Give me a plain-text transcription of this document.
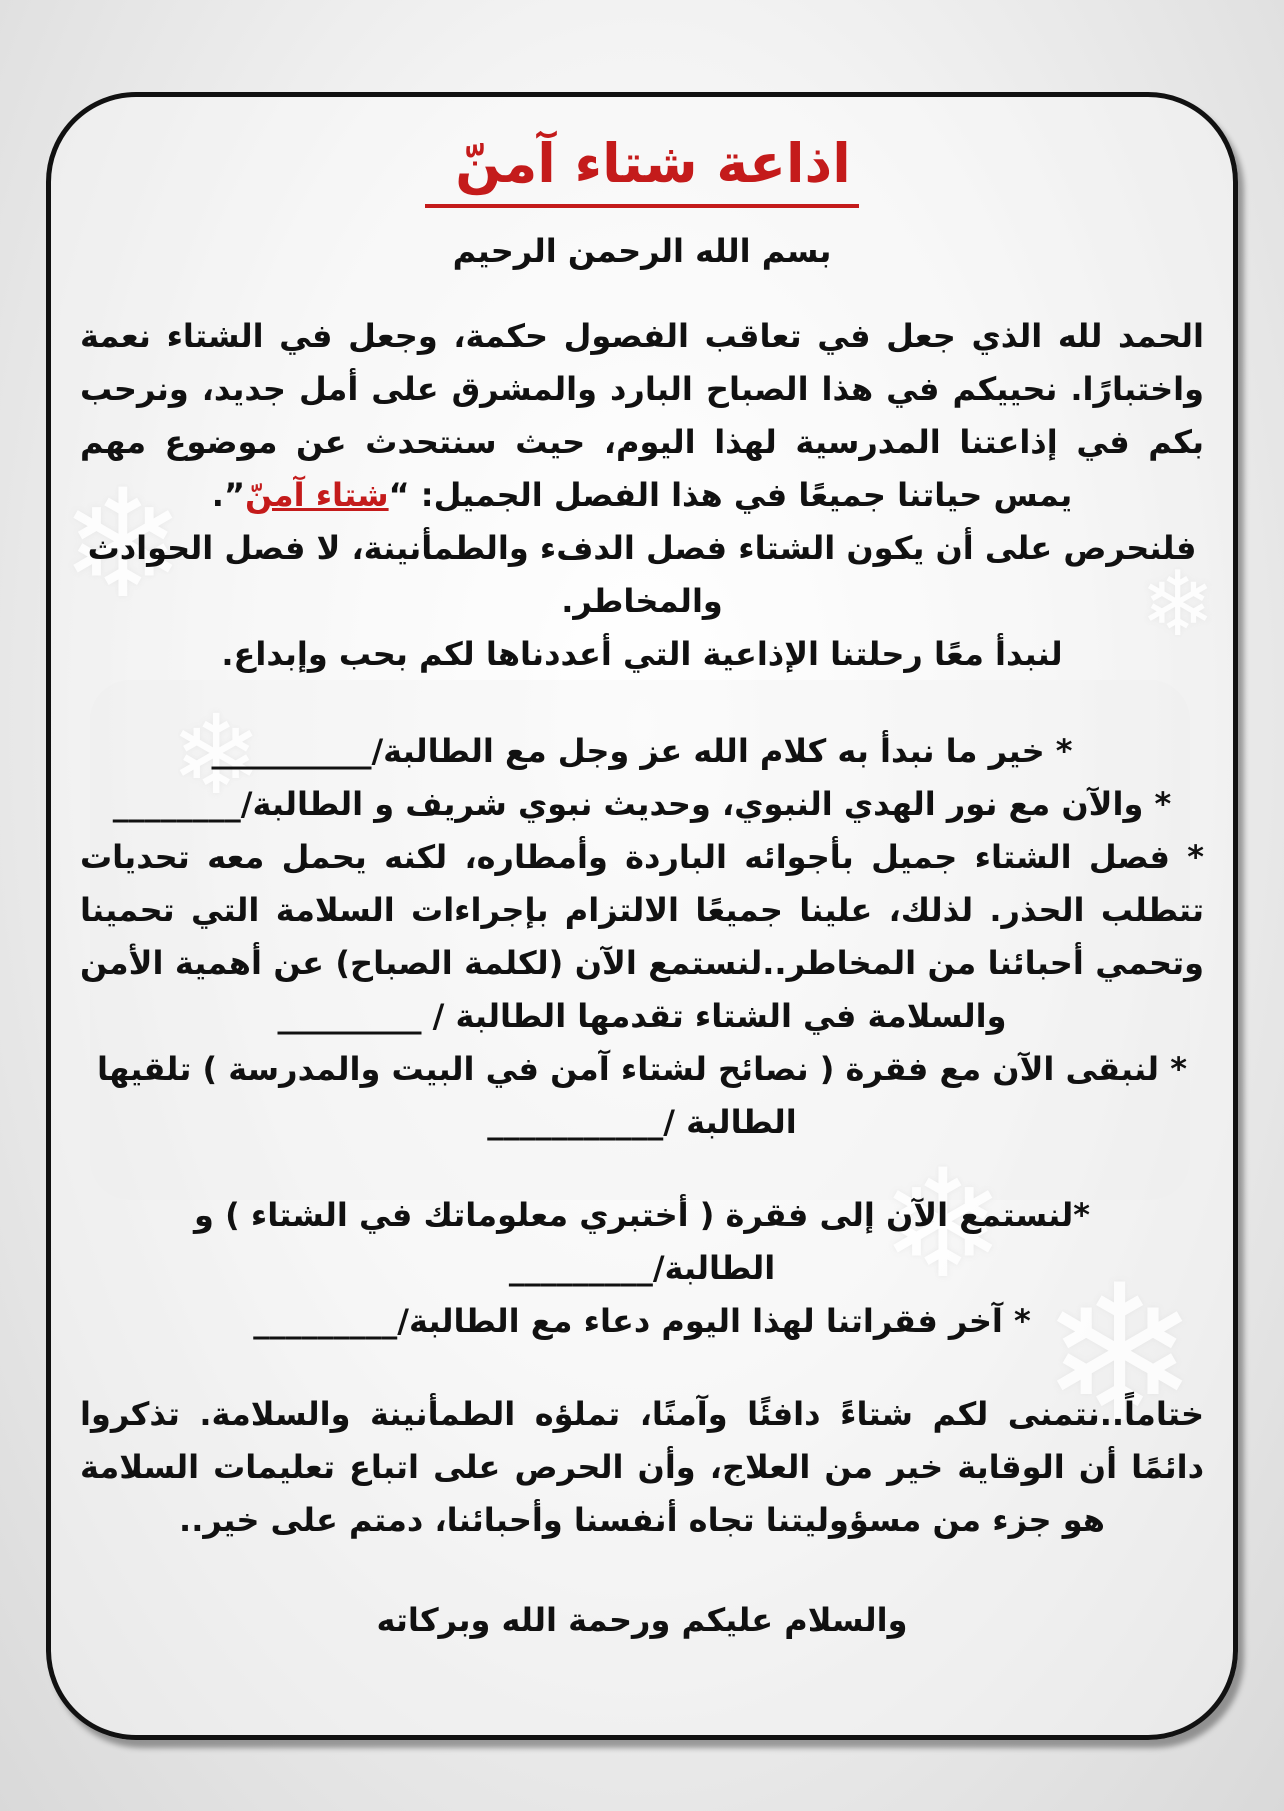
❄
❄
❄
❄
❄
اذاعة شتاء آمنّ
بسم الله الرحمن الرحيم

الحمد لله الذي جعل في تعاقب الفصول حكمة، وجعل في الشتاء نعمة واختبارًا. نحييكم في هذا الصباح البارد والمشرق على أمل جديد، ونرحب بكم في إذاعتنا المدرسية لهذا اليوم، حيث سنتحدث عن موضوع مهم يمس حياتنا جميعًا في هذا الفصل الجميل: “شتاء آمنّ”.

فلنحرص على أن يكون الشتاء فصل الدفء والطمأنينة، لا فصل الحوادث والمخاطر.

لنبدأ معًا رحلتنا الإذاعية التي أعددناها لكم بحب وإبداع.

* خير ما نبدأ به كلام الله عز وجل مع الطالبة/__________

* والآن مع نور الهدي النبوي، وحديث نبوي شريف و الطالبة/________

* فصل الشتاء جميل بأجوائه الباردة وأمطاره، لكنه يحمل معه تحديات تتطلب الحذر. لذلك، علينا جميعًا الالتزام بإجراءات السلامة التي تحمينا وتحمي أحبائنا من المخاطر..لنستمع الآن (لكلمة الصباح) عن أهمية الأمن والسلامة في الشتاء تقدمها الطالبة / _________

* لنبقى الآن مع فقرة ( نصائح لشتاء آمن في البيت والمدرسة ) تلقيها الطالبة /___________

*لنستمع الآن إلى فقرة ( أختبري معلوماتك في الشتاء ) و الطالبة/_________

* آخر فقراتنا لهذا اليوم دعاء مع الطالبة/_________

ختاماً..نتمنى لكم شتاءً دافئًا وآمنًا، تملؤه الطمأنينة والسلامة. تذكروا دائمًا أن الوقاية خير من العلاج، وأن الحرص على اتباع تعليمات السلامة هو جزء من مسؤوليتنا تجاه أنفسنا وأحبائنا، دمتم على خير..

والسلام عليكم ورحمة الله وبركاته
